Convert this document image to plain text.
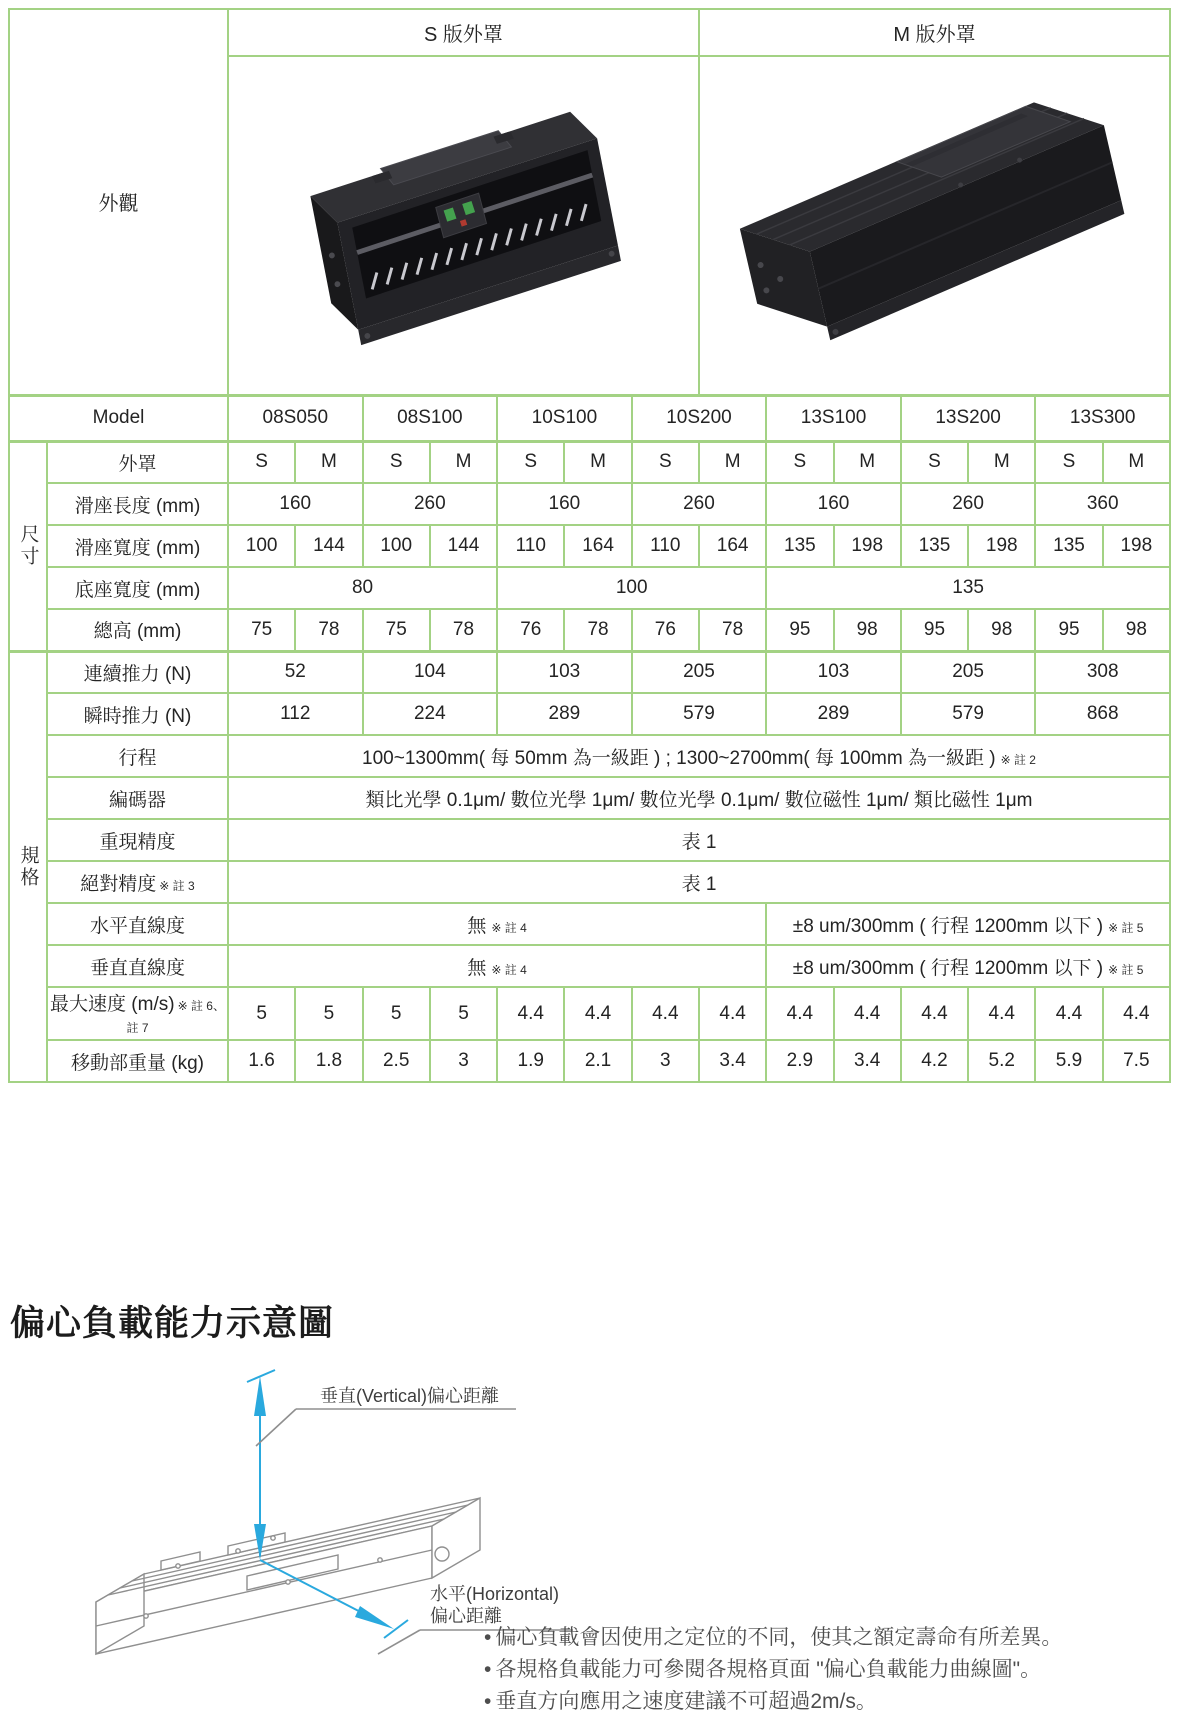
外觀		S 版外罩							M 版外罩						

Model		08S050		08S100		10S100		10S200		13S100		13S200		13S300	

尺寸	外罩	S	M	S	M	S	M	S	M	S	M	S	M	S	M
	滑座長度 (mm)	160		260		160		260		160		260		360	
	滑座寬度 (mm)	100	144	100	144	110	164	110	164	135	198	135	198	135	198
	底座寬度 (mm)	80				100				135					
	總高 (mm)	75	78	75	78	76	78	76	78	95	98	95	98	95	98

規格	連續推力 (N)	52		104		103		205		103		205		308	
	瞬時推力 (N)	112		224		289		579		289		579		868	
	行程	100~1300mm( 每 50mm 為一級距 ) ; 1300~2700mm( 每 100mm 為一級距 ) ※ 註 2													
	編碼器	類比光學 0.1μm/ 數位光學 1μm/ 數位光學 0.1μm/ 數位磁性 1μm/ 類比磁性 1μm													
	重現精度	表 1													
	絕對精度 ※ 註 3	表 1													
	水平直線度	無 ※ 註 4								±8 um/300mm ( 行程 1200mm 以下 ) ※ 註 5					
	垂直直線度	無 ※ 註 4								±8 um/300mm ( 行程 1200mm 以下 ) ※ 註 5					
	最大速度 (m/s) ※ 註 6、註 7	5	5	5	5	4.4	4.4	4.4	4.4	4.4	4.4	4.4	4.4	4.4	4.4
	移動部重量 (kg)	1.6	1.8	2.5	3	1.9	2.1	3	3.4	2.9	3.4	4.2	5.2	5.9	7.5
偏心負載能力示意圖
垂直(Vertical)偏心距離
水平(Horizontal)
偏心距離
• 偏心負載會因使用之定位的不同，使其之額定壽命有所差異。
• 各規格負載能力可參閱各規格頁面 "偏心負載能力曲線圖"。
• 垂直方向應用之速度建議不可超過2m/s。
